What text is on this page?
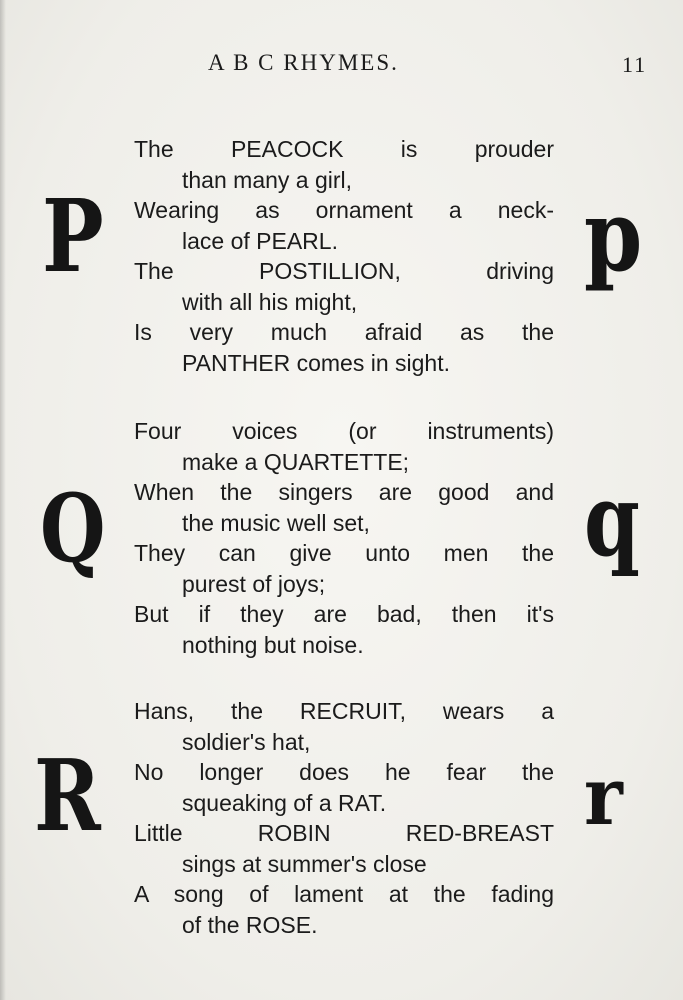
A B C RHYMES.	11
P	p
The PEACOCK is prouder
than many a girl,
Wearing as ornament a neck-
lace of PEARL.
The POSTILLION, driving
with all his might,
Is very much afraid as the
PANTHER comes in sight.
Q	q
Four voices (or instruments)
make a QUARTETTE;
When the singers are good and
the music well set,
They can give unto men the
purest of joys;
But if they are bad, then it's
nothing but noise.
R	r
Hans, the RECRUIT, wears a
soldier's hat,
No longer does he fear the
squeaking of a RAT.
Little ROBIN RED-BREAST
sings at summer's close
A song of lament at the fading
of the ROSE.
